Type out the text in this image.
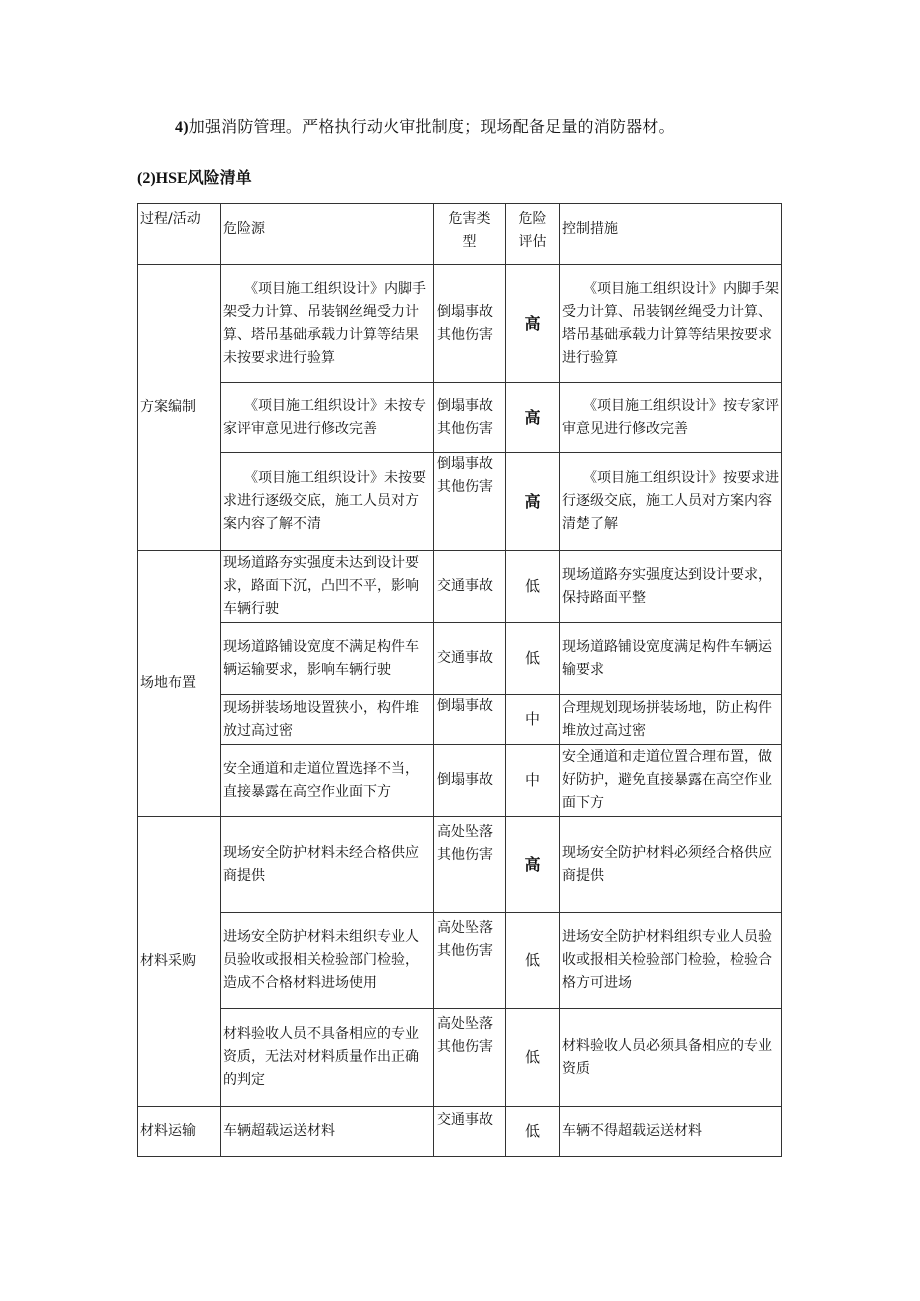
4)加强消防管理。严格执行动火审批制度；现场配备足量的消防器材。
(2)HSE风险清单
过程/活动	危险源	危害类型	危险评估	控制措施
方案编制	《项目施工组织设计》内脚手架受力计算、吊装钢丝绳受力计算、塔吊基础承载力计算等结果未按要求进行验算	倒塌事故其他伤害	高	《项目施工组织设计》内脚手架受力计算、吊装钢丝绳受力计算、塔吊基础承载力计算等结果按要求进行验算
	《项目施工组织设计》未按专家评审意见进行修改完善	倒塌事故其他伤害	高	《项目施工组织设计》按专家评审意见进行修改完善
	《项目施工组织设计》未按要求进行逐级交底，施工人员对方案内容了解不清	倒塌事故其他伤害	高	《项目施工组织设计》按要求进行逐级交底，施工人员对方案内容清楚了解
场地布置	现场道路夯实强度未达到设计要求，路面下沉，凸凹不平，影响车辆行驶	交通事故	低	现场道路夯实强度达到设计要求，保持路面平整
	现场道路铺设宽度不满足构件车辆运输要求，影响车辆行驶	交通事故	低	现场道路铺设宽度满足构件车辆运输要求
	现场拼装场地设置狭小，构件堆放过高过密	倒塌事故	中	合理规划现场拼装场地，防止构件堆放过高过密
	安全通道和走道位置选择不当，直接暴露在高空作业面下方	倒塌事故	中	安全通道和走道位置合理布置，做好防护，避免直接暴露在高空作业面下方
材料采购	现场安全防护材料未经合格供应商提供	高处坠落其他伤害	高	现场安全防护材料必须经合格供应商提供
	进场安全防护材料未组织专业人员验收或报相关检验部门检验，造成不合格材料进场使用	高处坠落其他伤害	低	进场安全防护材料组织专业人员验收或报相关检验部门检验，检验合格方可进场
	材料验收人员不具备相应的专业资质，无法对材料质量作出正确的判定	高处坠落其他伤害	低	材料验收人员必须具备相应的专业资质
材料运输	车辆超载运送材料	交通事故	低	车辆不得超载运送材料
